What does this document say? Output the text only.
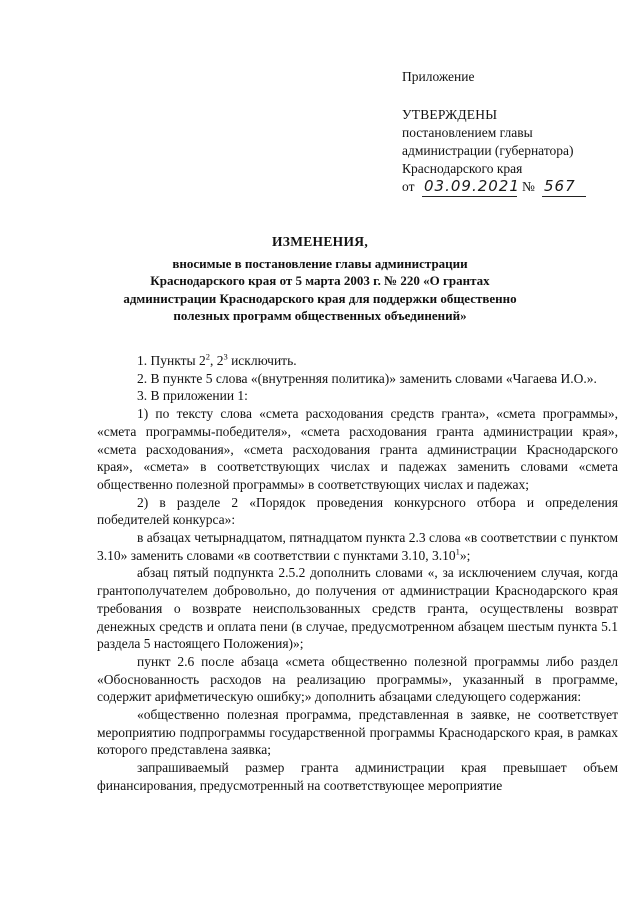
Приложение
УТВЕРЖДЕНЫ
постановлением главы
администрации (губернатора)
Краснодарского края
от 03.09.2021 № 567
ИЗМЕНЕНИЯ,
вносимые в постановление главы администрации
Краснодарского края от 5 марта 2003 г. № 220 «О грантах
администрации Краснодарского края для поддержки общественно
полезных программ общественных объединений»

1. Пункты $2^2$, $2^3$ исключить.

2. В пункте 5 слова «(внутренняя политика)» заменить словами «Чагаева И.О.».

3. В приложении 1:

1) по тексту слова «смета расходования средств гранта», «смета программы», «смета программы-победителя», «смета расходования гранта администрации края», «смета расходования», «смета расходования гранта администрации Краснодарского края», «смета» в соответствующих числах и падежах заменить словами «смета общественно полезной программы» в соответствующих числах и падежах;

2) в разделе 2 «Порядок проведения конкурсного отбора и определения победителей конкурса»:

в абзацах четырнадцатом, пятнадцатом пункта 2.3 слова «в соответствии с пунктом 3.10» заменить словами «в соответствии с пунктами 3.10, 3.10$^1$»;

абзац пятый подпункта 2.5.2 дополнить словами «, за исключением случая, когда грантополучателем добровольно, до получения от администрации Краснодарского края требования о возврате неиспользованных средств гранта, осуществлены возврат денежных средств и оплата пени (в случае, предусмотренном абзацем шестым пункта 5.1 раздела 5 настоящего Положения)»;

пункт 2.6 после абзаца «смета общественно полезной программы либо раздел «Обоснованность расходов на реализацию программы», указанный в программе, содержит арифметическую ошибку;» дополнить абзацами следующего содержания:

«общественно полезная программа, представленная в заявке, не соответствует мероприятию подпрограммы государственной программы Краснодарского края, в рамках которого представлена заявка;

запрашиваемый размер гранта администрации края превышает объем финансирования, предусмотренный на соответствующее мероприятие
